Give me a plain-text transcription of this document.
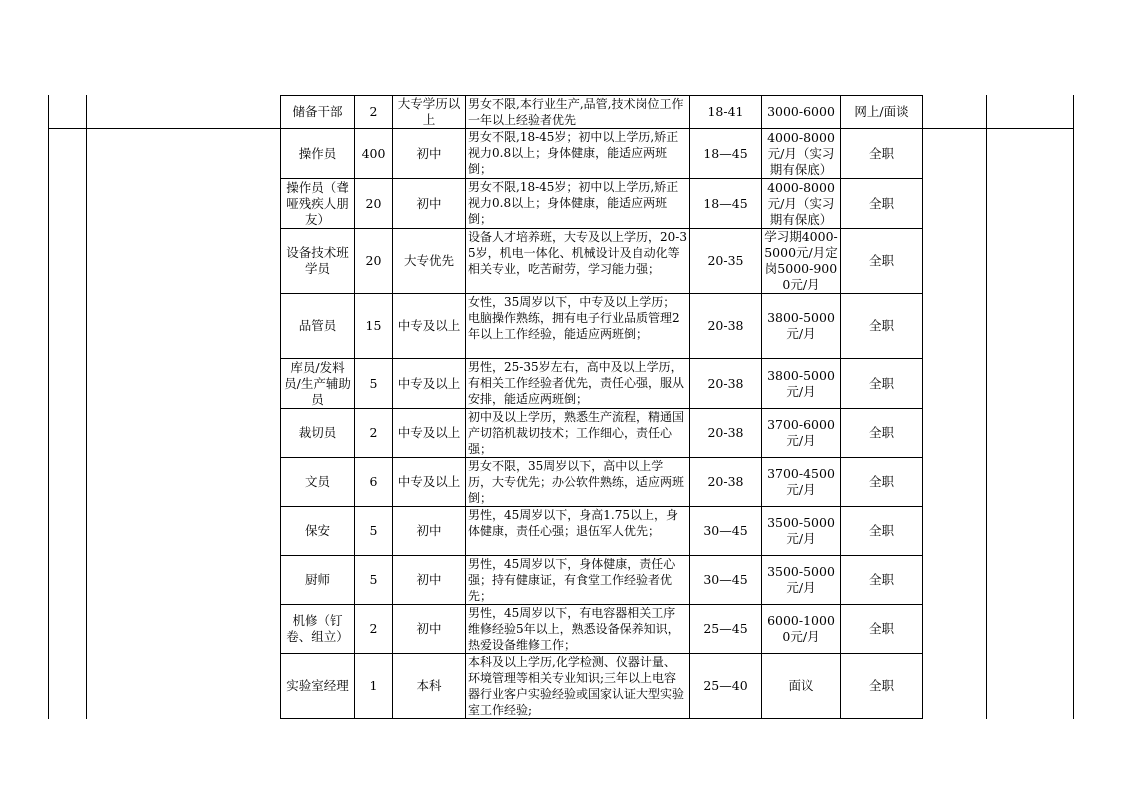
储备干部	2	大专学历以上	男女不限,本行业生产,品管,技术岗位工作一年以上经验者优先	18-41	3000-6000	网上/面谈
操作员	400	初中	男女不限,18-45岁；初中以上学历,矫正视力0.8以上；身体健康，能适应两班倒；	18—45	4000-8000元/月（实习期有保底）	全职
操作员（聋哑残疾人朋友）	20	初中	男女不限,18-45岁；初中以上学历,矫正视力0.8以上；身体健康，能适应两班倒；	18—45	4000-8000元/月（实习期有保底）	全职
设备技术班学员	20	大专优先	设备人才培养班，大专及以上学历，20-35岁，机电一体化、机械设计及自动化等相关专业，吃苦耐劳，学习能力强；	20-35	学习期4000-5000元/月定岗5000-9000元/月	全职
品管员	15	中专及以上	女性，35周岁以下，中专及以上学历；电脑操作熟练，拥有电子行业品质管理2年以上工作经验，能适应两班倒；	20-38	3800-5000元/月	全职
库员/发料员/生产辅助员	5	中专及以上	男性，25-35岁左右，高中及以上学历，有相关工作经验者优先，责任心强，服从安排，能适应两班倒；	20-38	3800-5000元/月	全职
裁切员	2	中专及以上	初中及以上学历，熟悉生产流程，精通国产切箔机裁切技术；工作细心，责任心强；	20-38	3700-6000元/月	全职
文员	6	中专及以上	男女不限，35周岁以下，高中以上学历，大专优先；办公软件熟练，适应两班倒；	20-38	3700-4500元/月	全职
保安	5	初中	男性，45周岁以下，身高1.75以上，身体健康，责任心强；退伍军人优先；	30—45	3500-5000元/月	全职
厨师	5	初中	男性，45周岁以下，身体健康，责任心强；持有健康证，有食堂工作经验者优先；	30—45	3500-5000元/月	全职
机修（钉卷、组立）	2	初中	男性，45周岁以下，有电容器相关工序维修经验5年以上，熟悉设备保养知识，热爱设备维修工作；	25—45	6000-10000元/月	全职
实验室经理	1	本科	本科及以上学历,化学检测、仪器计量、环境管理等相关专业知识;三年以上电容器行业客户实验经验或国家认证大型实验室工作经验;	25—40	面议	全职
